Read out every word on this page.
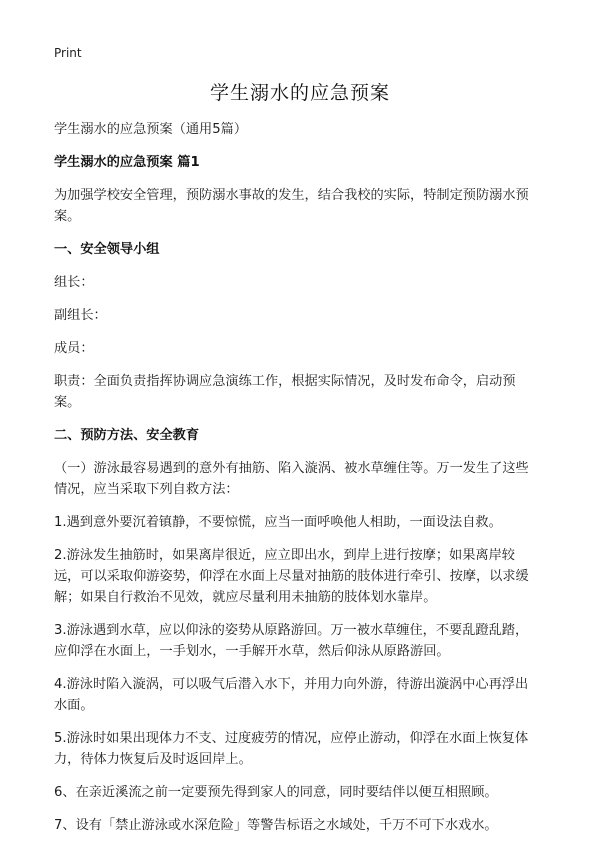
Print
学生溺水的应急预案

学生溺水的应急预案（通用5篇）

学生溺水的应急预案 篇1

为加强学校安全管理，预防溺水事故的发生，结合我校的实际，特制定预防溺水预案。

一、安全领导小组

组长：

副组长：

成员：

职责：全面负责指挥协调应急演练工作，根据实际情况，及时发布命令，启动预案。

二、预防方法、安全教育

（一）游泳最容易遇到的意外有抽筋、陷入漩涡、被水草缠住等。万一发生了这些情况，应当采取下列自救方法：

1.遇到意外要沉着镇静，不要惊慌，应当一面呼唤他人相助，一面设法自救。

2.游泳发生抽筋时，如果离岸很近，应立即出水，到岸上进行按摩；如果离岸较远，可以采取仰游姿势，仰浮在水面上尽量对抽筋的肢体进行牵引、按摩，以求缓解；如果自行救治不见效，就应尽量利用未抽筋的肢体划水靠岸。

3.游泳遇到水草，应以仰泳的姿势从原路游回。万一被水草缠住，不要乱蹬乱踏，应仰浮在水面上，一手划水，一手解开水草，然后仰泳从原路游回。

4.游泳时陷入漩涡，可以吸气后潜入水下，并用力向外游，待游出漩涡中心再浮出水面。

5.游泳时如果出现体力不支、过度疲劳的情况，应停止游动，仰浮在水面上恢复体力，待体力恢复后及时返回岸上。

6、在亲近溪流之前一定要预先得到家人的同意，同时要结伴以便互相照顾。

7、设有「禁止游泳或水深危险」等警告标语之水域处，千万不可下水戏水。
